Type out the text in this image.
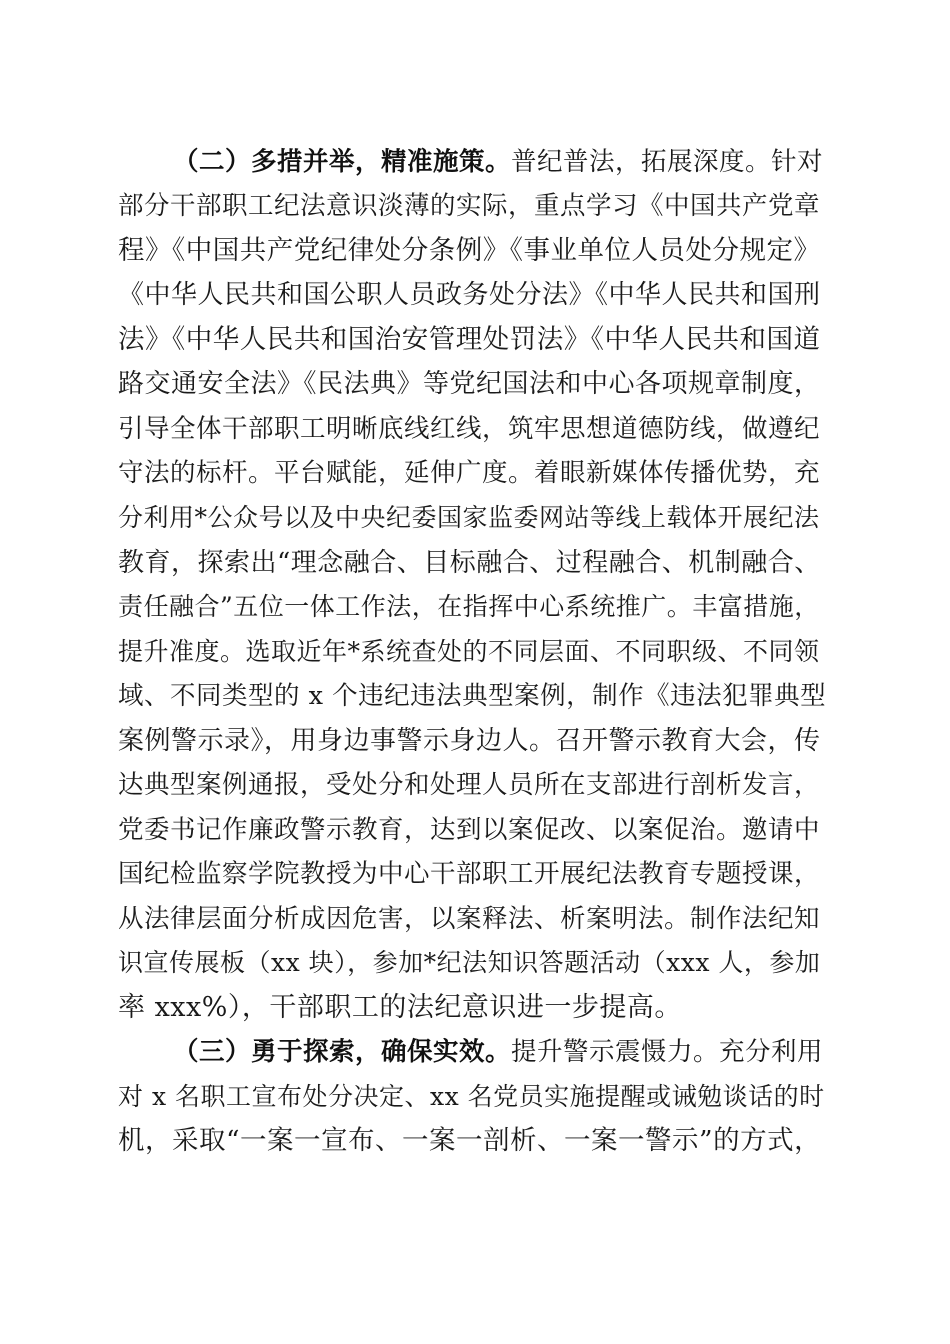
（二）多措并举，精准施策。普纪普法，拓展深度。针对

部分干部职工纪法意识淡薄的实际，重点学习《中国共产党章

程》《中国共产党纪律处分条例》《事业单位人员处分规定》

《中华人民共和国公职人员政务处分法》《中华人民共和国刑

法》《中华人民共和国治安管理处罚法》《中华人民共和国道

路交通安全法》《民法典》等党纪国法和中心各项规章制度，

引导全体干部职工明晰底线红线，筑牢思想道德防线，做遵纪

守法的标杆。平台赋能，延伸广度。着眼新媒体传播优势，充

分利用*公众号以及中央纪委国家监委网站等线上载体开展纪法

教育，探索出“理念融合、目标融合、过程融合、机制融合、

责任融合”五位一体工作法，在指挥中心系统推广。丰富措施，

提升准度。选取近年*系统查处的不同层面、不同职级、不同领

域、不同类型的 x 个违纪违法典型案例，制作《违法犯罪典型

案例警示录》，用身边事警示身边人。召开警示教育大会，传

达典型案例通报，受处分和处理人员所在支部进行剖析发言，

党委书记作廉政警示教育，达到以案促改、以案促治。邀请中

国纪检监察学院教授为中心干部职工开展纪法教育专题授课，

从法律层面分析成因危害，以案释法、析案明法。制作法纪知

识宣传展板（xx 块），参加*纪法知识答题活动（xxx 人，参加

率 xxx%），干部职工的法纪意识进一步提高。

（三）勇于探索，确保实效。提升警示震慑力。充分利用

对 x 名职工宣布处分决定、xx 名党员实施提醒或诫勉谈话的时

机，采取“一案一宣布、一案一剖析、一案一警示”的方式，
